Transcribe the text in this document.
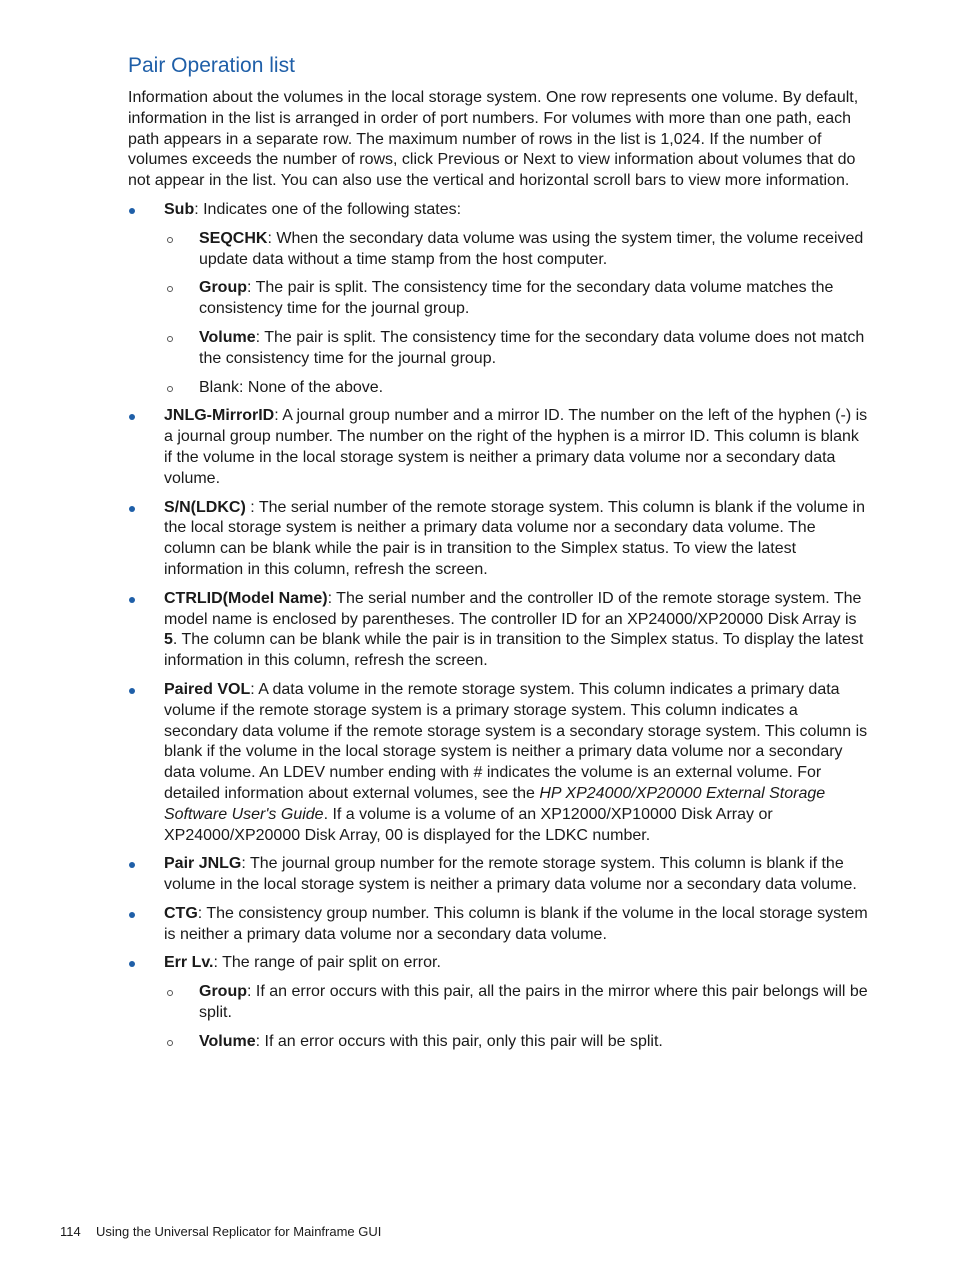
Pair Operation list

Information about the volumes in the local storage system. One row represents one volume. By default, information in the list is arranged in order of port numbers. For volumes with more than one path, each path appears in a separate row. The maximum number of rows in the list is 1,024. If the number of volumes exceeds the number of rows, click Previous or Next to view information about volumes that do not appear in the list. You can also use the vertical and horizontal scroll bars to view more information.

Sub: Indicates one of the following states:
SEQCHK: When the secondary data volume was using the system timer, the volume received update data without a time stamp from the host computer.
Group: The pair is split. The consistency time for the secondary data volume matches the consistency time for the journal group.
Volume: The pair is split. The consistency time for the secondary data volume does not match the consistency time for the journal group.
Blank: None of the above.
JNLG-MirrorID: A journal group number and a mirror ID. The number on the left of the hyphen (-) is a journal group number. The number on the right of the hyphen is a mirror ID. This column is blank if the volume in the local storage system is neither a primary data volume nor a secondary data volume.
S/N(LDKC) : The serial number of the remote storage system. This column is blank if the volume in the local storage system is neither a primary data volume nor a secondary data volume. The column can be blank while the pair is in transition to the Simplex status. To view the latest information in this column, refresh the screen.
CTRLID(Model Name): The serial number and the controller ID of the remote storage system. The model name is enclosed by parentheses. The controller ID for an XP24000/XP20000 Disk Array is 5. The column can be blank while the pair is in transition to the Simplex status. To display the latest information in this column, refresh the screen.
Paired VOL: A data volume in the remote storage system. This column indicates a primary data volume if the remote storage system is a primary storage system. This column indicates a secondary data volume if the remote storage system is a secondary storage system. This column is blank if the volume in the local storage system is neither a primary data volume nor a secondary data volume. An LDEV number ending with # indicates the volume is an external volume. For detailed information about external volumes, see the HP XP24000/XP20000 External Storage Software User's Guide. If a volume is a volume of an XP12000/XP10000 Disk Array or XP24000/XP20000 Disk Array, 00 is displayed for the LDKC number.
Pair JNLG: The journal group number for the remote storage system. This column is blank if the volume in the local storage system is neither a primary data volume nor a secondary data volume.
CTG: The consistency group number. This column is blank if the volume in the local storage system is neither a primary data volume nor a secondary data volume.
Err Lv.: The range of pair split on error.
Group: If an error occurs with this pair, all the pairs in the mirror where this pair belongs will be split.
Volume: If an error occurs with this pair, only this pair will be split.
114 Using the Universal Replicator for Mainframe GUI
